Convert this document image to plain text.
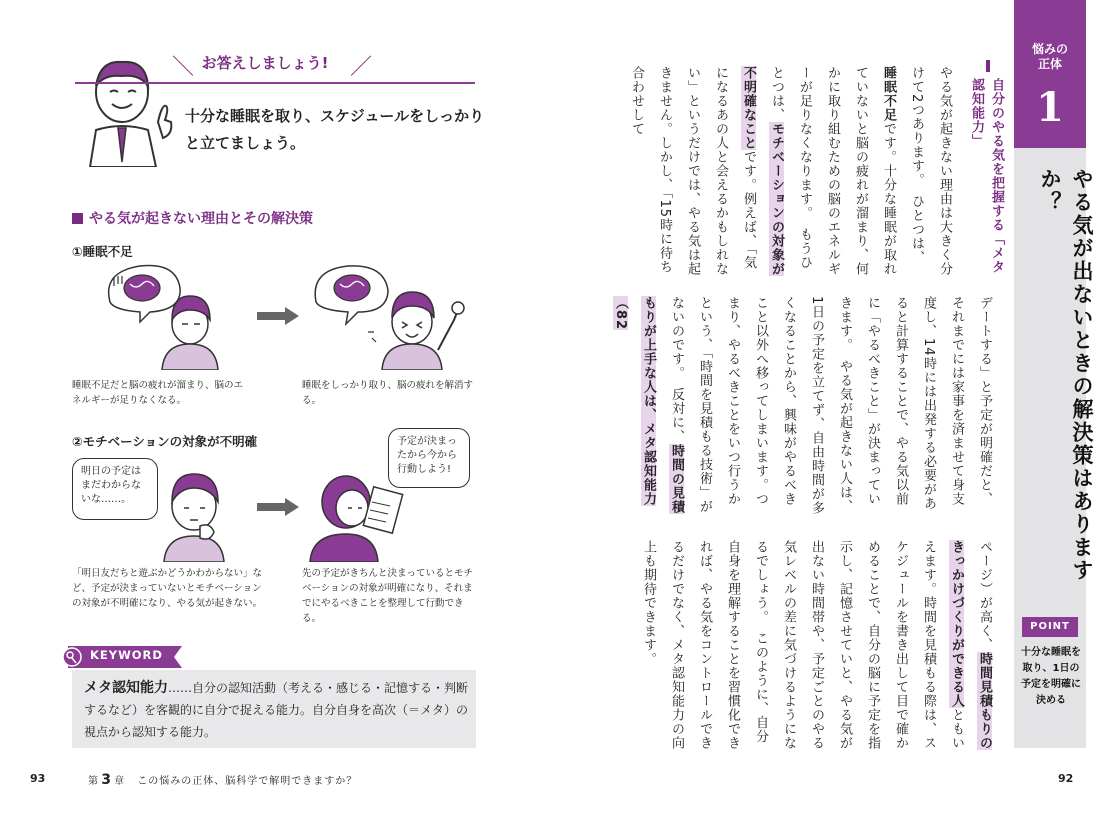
＼ お答えしましょう! ／
十分な睡眠を取り、スケジュールをしっかりと立てましょう。
やる気が起きない理由とその解決策
①睡眠不足
睡眠不足だと脳の疲れが溜まり、脳のエネルギーが足りなくなる。
睡眠をしっかり取り、脳の疲れを解消する。
②モチベーションの対象が不明確
明日の予定はまだわからないな……。
予定が決まったから今から行動しよう!
「明日友だちと遊ぶかどうかわからない」など、予定が決まっていないとモチベーションの対象が不明確になり、やる気が起きない。
先の予定がきちんと決まっているとモチベーションの対象が明確になり、それまでにやるべきことを整理して行動できる。
KEYWORD
メタ認知能力……自分の認知活動（考える・感じる・記憶する・判断するなど）を客観的に自分で捉える能力。自分自身を高次（＝メタ）の視点から認知する能力。
93	第 3 章 この悩みの正体、脳科学で解明できますか？
悩みの
正体
1
やる気が出ないときの解決策はありますか？
POINT
十分な睡眠を取り、1日の予定を明確に決める
92
自分のやる気を把握する「メタ認知能力」
やる気が起きない理由は大きく分けて2つあります。　ひとつは、睡眠不足です。十分な睡眠が取れていないと脳の疲れが溜まり、何かに取り組むための脳のエネルギーが足りなくなります。　もうひとつは、モチベーションの対象が不明確なことです。例えば、「気になるあの人と会えるかもしれない」というだけでは、やる気は起きません。しかし、「15時に待ち合わせして
デートする」と予定が明確だと、それまでには家事を済ませて身支度し、14時には出発する必要があると計算することで、やる気以前に「やるべきこと」が決まっていきます。　やる気が起きない人は、1日の予定を立てず、自由時間が多くなることから、興味がやるべきこと以外へ移ってしまいます。つまり、やるべきことをいつ行うかという、「時間を見積もる技術」がないのです。　反対に、時間の見積もりが上手な人は、メタ認知能力（82
ページ）が高く、時間見積もりのきっかけづくりができる人ともいえます。時間を見積もる際は、スケジュールを書き出して目で確かめることで、自分の脳に予定を指示し、記憶させていと、やる気が出ない時間帯や、予定ごとのやる気レベルの差に気づけるようになるでしょう。　このように、自分自身を理解することを習慣化できれば、やる気をコントロールできるだけでなく、メタ認知能力の向上も期待できます。
